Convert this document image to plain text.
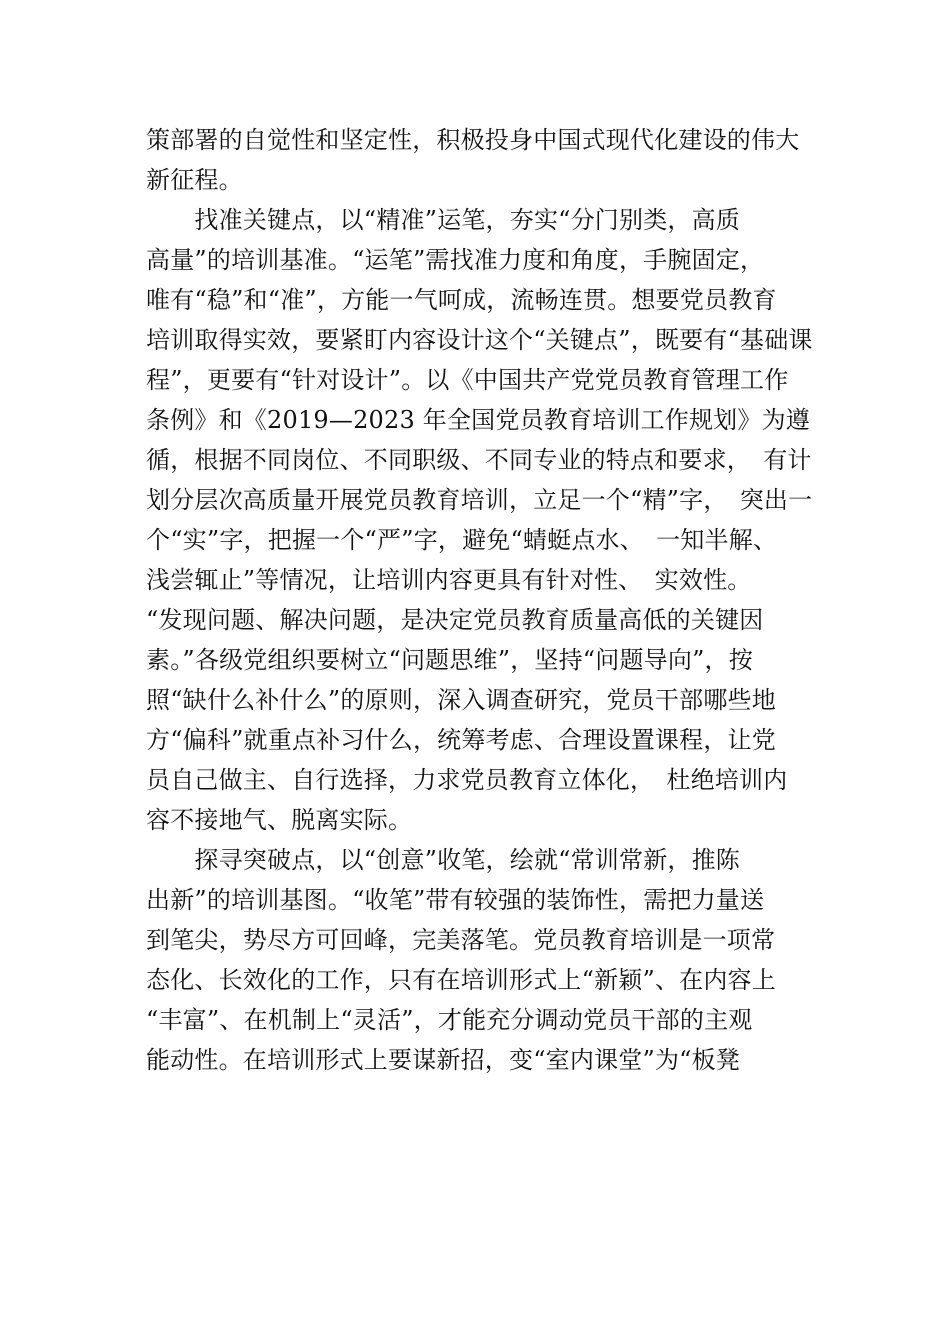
策部署的自觉性和坚定性，积极投身中国式现代化建设的伟大
新征程。
　　找准关键点，以“精准”运笔，夯实“分门别类，高质
高量”的培训基准。“运笔”需找准力度和角度，手腕固定，
唯有“稳”和“准”，方能一气呵成，流畅连贯。想要党员教育
培训取得实效，要紧盯内容设计这个“关键点”，既要有“基础课
程”，更要有“针对设计”。以《中国共产党党员教育管理工作
条例》和《2019—2023 年全国党员教育培训工作规划》为遵
循，根据不同岗位、不同职级、不同专业的特点和要求，　有计
划分层次高质量开展党员教育培训，立足一个“精”字，　突出一
个“实”字，把握一个“严”字，避免“蜻蜓点水、　一知半解、
浅尝辄止”等情况，让培训内容更具有针对性、　实效性。
“发现问题、解决问题，是决定党员教育质量高低的关键因
素。”各级党组织要树立“问题思维”，坚持“问题导向”，按
照“缺什么补什么”的原则，深入调查研究，党员干部哪些地
方“偏科”就重点补习什么，统筹考虑、合理设置课程，让党
员自己做主、自行选择，力求党员教育立体化，　杜绝培训内
容不接地气、脱离实际。
　　探寻突破点，以“创意”收笔，绘就“常训常新，推陈
出新”的培训基图。“收笔”带有较强的装饰性，需把力量送
到笔尖，势尽方可回峰，完美落笔。党员教育培训是一项常
态化、长效化的工作，只有在培训形式上“新颖”、在内容上
“丰富”、在机制上“灵活”，才能充分调动党员干部的主观
能动性。在培训形式上要谋新招，变“室内课堂”为“板凳
